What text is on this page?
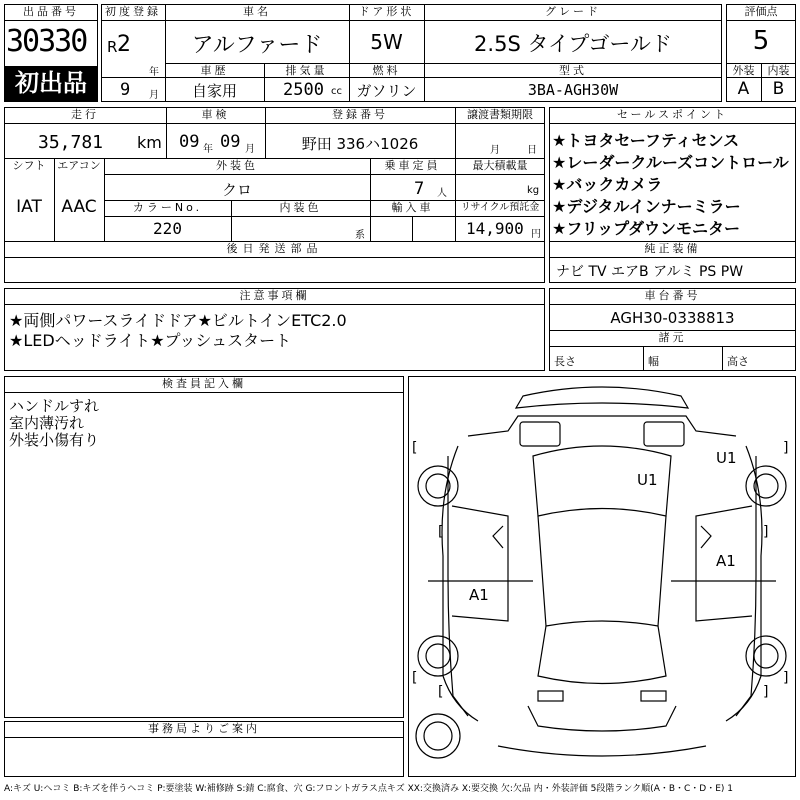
出品番号
30330
初出品
初度登録
R 2
年
9 月
車名
アルファード
ドア形状
5W
グレード
2.5S タイプゴールド
車歴
自家用
排気量
2500 cc
燃料
ガソリン
型式
3BA-AGH30W
評価点
5
外装	内装
A	B
走行
35,781 km
車検
09 年 09 月
登録番号
野田 336ハ1026
譲渡書類期限
月	日
シフト
IAT
エアコン
AAC
外装色
クロ
乗車定員
7 人
最大積載量
kg
カラーNo.
220
内装色
系
輸入車	リサイクル預託金
14,900 円
後日発送部品
セールスポイント
★トヨタセーフティセンス
★レーダークルーズコントロール
★バックカメラ
★デジタルインナーミラー
★フリップダウンモニター
純正装備
ナビ TV エアB アルミ PS PW
注意事項欄
★両側パワースライドドア★ビルトインETC2.0
★LEDヘッドライト★プッシュスタート
車台番号
AGH30-0338813
諸元
長さ	幅	高さ
検査員記入欄
ハンドルすれ
室内薄汚れ
外装小傷有り
事務局よりご案内
[	]
[	]
[	]
[	]
U1
U1
A1
A1
A:キズ U:ヘコミ B:キズを伴うヘコミ P:要塗装 W:補修跡 S:錆 C:腐食、穴 G:フロントガラス点キズ XX:交換済み X:要交換 欠:欠品 内・外装評価 5段階ランク順(A・B・C・D・E) 1
